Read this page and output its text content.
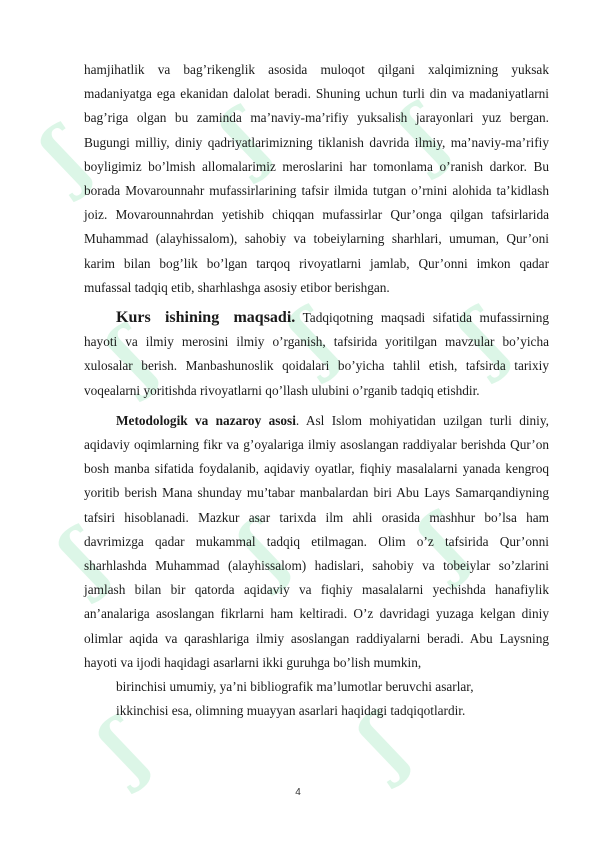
ʃ ʃ ʃ
ʃ ʃ ʃ
ʃ ʃ ʃ
ʃ ʃ

hamjihatlik va bag’rikenglik asosida muloqot qilgani xalqimizning yuksak madaniyatga ega ekanidan dalolat beradi. Shuning uchun turli din va madaniyatlarni bag’riga olgan bu zaminda ma’naviy-ma’rifiy yuksalish jarayonlari yuz bergan. Bugungi milliy, diniy qadriyatlarimizning tiklanish davrida ilmiy, ma’naviy-ma’rifiy boyligimiz bo’lmish allomalarimiz meroslarini har tomonlama o’ranish darkor. Bu borada Movarounnahr mufassirlarining tafsir ilmida tutgan o’rnini alohida ta’kidlash joiz. Movarounnahrdan yetishib chiqqan mufassirlar Qur’onga qilgan tafsirlarida Muhammad (alayhissalom), sahobiy va tobeiylarning sharhlari, umuman, Qur’oni karim bilan bog’lik bo’lgan tarqoq rivoyatlarni jamlab, Qur’onni imkon qadar mufassal tadqiq etib, sharhlashga asosiy etibor berishgan.

Kurs ishining maqsadi. Tadqiqotning maqsadi sifatida mufassirning hayoti va ilmiy merosini ilmiy o’rganish, tafsirida yoritilgan mavzular bo’yicha xulosalar berish. Manbashunoslik qoidalari bo’yicha tahlil etish, tafsirda tarixiy voqealarni yoritishda rivoyatlarni qo’llash ulubini o’rganib tadqiq etishdir.

Metodologik va nazaroy asosi. Asl Islom mohiyatidan uzilgan turli diniy, aqidaviy oqimlarning fikr va g’oyalariga ilmiy asoslangan raddiyalar berishda Qur’on bosh manba sifatida foydalanib, aqidaviy oyatlar, fiqhiy masalalarni yanada kengroq yoritib berish Mana shunday mu’tabar manbalardan biri Abu Lays Samarqandiyning tafsiri hisoblanadi. Mazkur asar tarixda ilm ahli orasida mashhur bo’lsa ham davrimizga qadar mukammal tadqiq etilmagan. Olim o’z tafsirida Qur’onni sharhlashda Muhammad (alayhissalom) hadislari, sahobiy va tobeiylar so’zlarini jamlash bilan bir qatorda aqidaviy va fiqhiy masalalarni yechishda hanafiylik an’analariga asoslangan fikrlarni ham keltiradi. O’z davridagi yuzaga kelgan diniy olimlar aqida va qarashlariga ilmiy asoslangan raddiyalarni beradi. Abu Laysning hayoti va ijodi haqidagi asarlarni ikki guruhga bo’lish mumkin,

birinchisi umumiy, ya’ni bibliografik ma’lumotlar beruvchi asarlar,

ikkinchisi esa, olimning muayyan asarlari haqidagi tadqiqotlardir.

4
